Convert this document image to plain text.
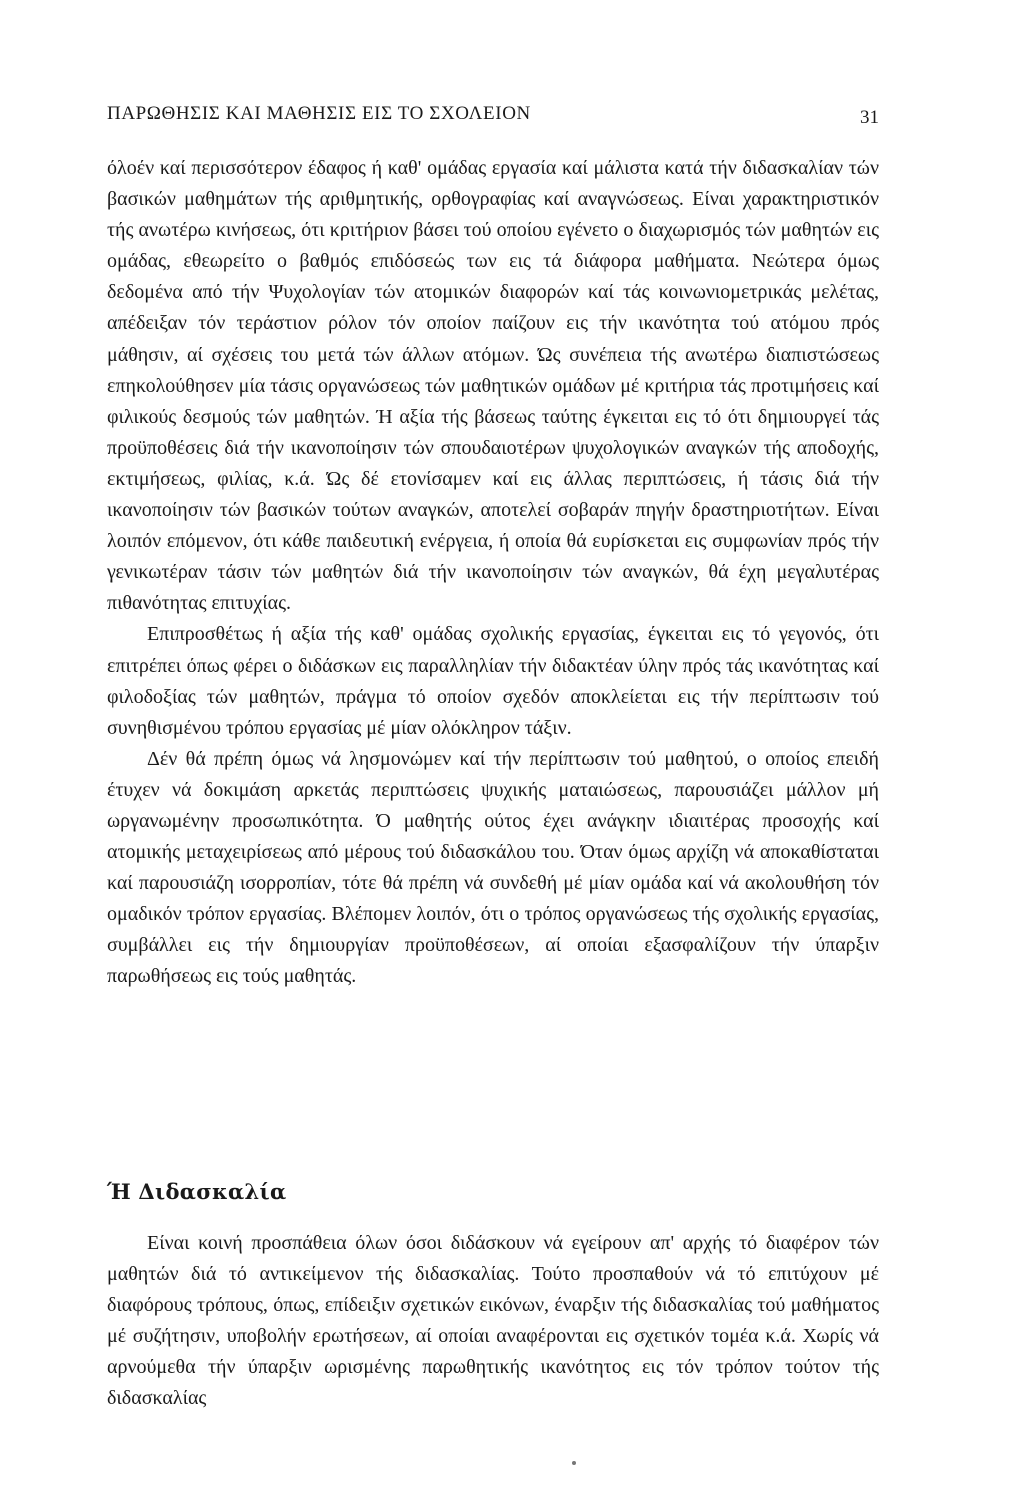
ΠΑΡΩΘΗΣΙΣ ΚΑΙ ΜΑΘΗΣΙΣ ΕΙΣ ΤΟ ΣΧΟΛΕΙΟΝ	31

όλοέν καί περισσότερον έδαφος ή καθ' ομάδας εργασία καί μάλιστα κατά τήν διδασκαλίαν τών βασικών μαθημάτων τής αριθμητικής, ορθογραφίας καί αναγνώσεως. Είναι χαρακτηριστικόν τής ανωτέρω κινήσεως, ότι κριτήριον βάσει τού οποίου εγένετο ο διαχωρισμός τών μαθητών εις ομάδας, εθεωρείτο ο βαθμός επιδόσεώς των εις τά διάφορα μαθήματα. Νεώτερα όμως δεδομένα από τήν Ψυχολογίαν τών ατομικών διαφορών καί τάς κοινωνιομετρικάς μελέτας, απέδειξαν τόν τεράστιον ρόλον τόν οποίον παίζουν εις τήν ικανότητα τού ατόμου πρός μάθησιν, αί σχέσεις του μετά τών άλλων ατόμων. Ώς συνέπεια τής ανωτέρω διαπιστώσεως επηκολούθησεν μία τάσις οργανώσεως τών μαθητικών ομάδων μέ κριτήρια τάς προτιμήσεις καί φιλικούς δεσμούς τών μαθητών. Ή αξία τής βάσεως ταύτης έγκειται εις τό ότι δημιουργεί τάς προϋποθέσεις διά τήν ικανοποίησιν τών σπουδαιοτέρων ψυχολογικών αναγκών τής αποδοχής, εκτιμήσεως, φιλίας, κ.ά. Ώς δέ ετονίσαμεν καί εις άλλας περιπτώσεις, ή τάσις διά τήν ικανοποίησιν τών βασικών τούτων αναγκών, αποτελεί σοβαράν πηγήν δραστηριοτήτων. Είναι λοιπόν επόμενον, ότι κάθε παιδευτική ενέργεια, ή οποία θά ευρίσκεται εις συμφωνίαν πρός τήν γενικωτέραν τάσιν τών μαθητών διά τήν ικανοποίησιν τών αναγκών, θά έχη μεγαλυτέρας πιθανότητας επιτυχίας.

Επιπροσθέτως ή αξία τής καθ' ομάδας σχολικής εργασίας, έγκειται εις τό γεγονός, ότι επιτρέπει όπως φέρει ο διδάσκων εις παραλληλίαν τήν διδακτέαν ύλην πρός τάς ικανότητας καί φιλοδοξίας τών μαθητών, πράγμα τό οποίον σχεδόν αποκλείεται εις τήν περίπτωσιν τού συνηθισμένου τρόπου εργασίας μέ μίαν ολόκληρον τάξιν.

Δέν θά πρέπη όμως νά λησμονώμεν καί τήν περίπτωσιν τού μαθητού, ο οποίος επειδή έτυχεν νά δοκιμάση αρκετάς περιπτώσεις ψυχικής ματαιώσεως, παρουσιάζει μάλλον μή ωργανωμένην προσωπικότητα. Ό μαθητής ούτος έχει ανάγκην ιδιαιτέρας προσοχής καί ατομικής μεταχειρίσεως από μέρους τού διδασκάλου του. Όταν όμως αρχίζη νά αποκαθίσταται καί παρουσιάζη ισορροπίαν, τότε θά πρέπη νά συνδεθή μέ μίαν ομάδα καί νά ακολουθήση τόν ομαδικόν τρόπον εργασίας. Βλέπομεν λοιπόν, ότι ο τρόπος οργανώσεως τής σχολικής εργασίας, συμβάλλει εις τήν δημιουργίαν προϋποθέσεων, αί οποίαι εξασφαλίζουν τήν ύπαρξιν παρωθήσεως εις τούς μαθητάς.

Ή Διδασκαλία

Είναι κοινή προσπάθεια όλων όσοι διδάσκουν νά εγείρουν απ' αρχής τό διαφέρον τών μαθητών διά τό αντικείμενον τής διδασκαλίας. Τούτο προσπαθούν νά τό επιτύχουν μέ διαφόρους τρόπους, όπως, επίδειξιν σχετικών εικόνων, έναρξιν τής διδασκαλίας τού μαθήματος μέ συζήτησιν, υποβολήν ερωτήσεων, αί οποίαι αναφέρονται εις σχετικόν τομέα κ.ά. Χωρίς νά αρνούμεθα τήν ύπαρξιν ωρισμένης παρωθητικής ικανότητος εις τόν τρόπον τούτον τής διδασκαλίας
